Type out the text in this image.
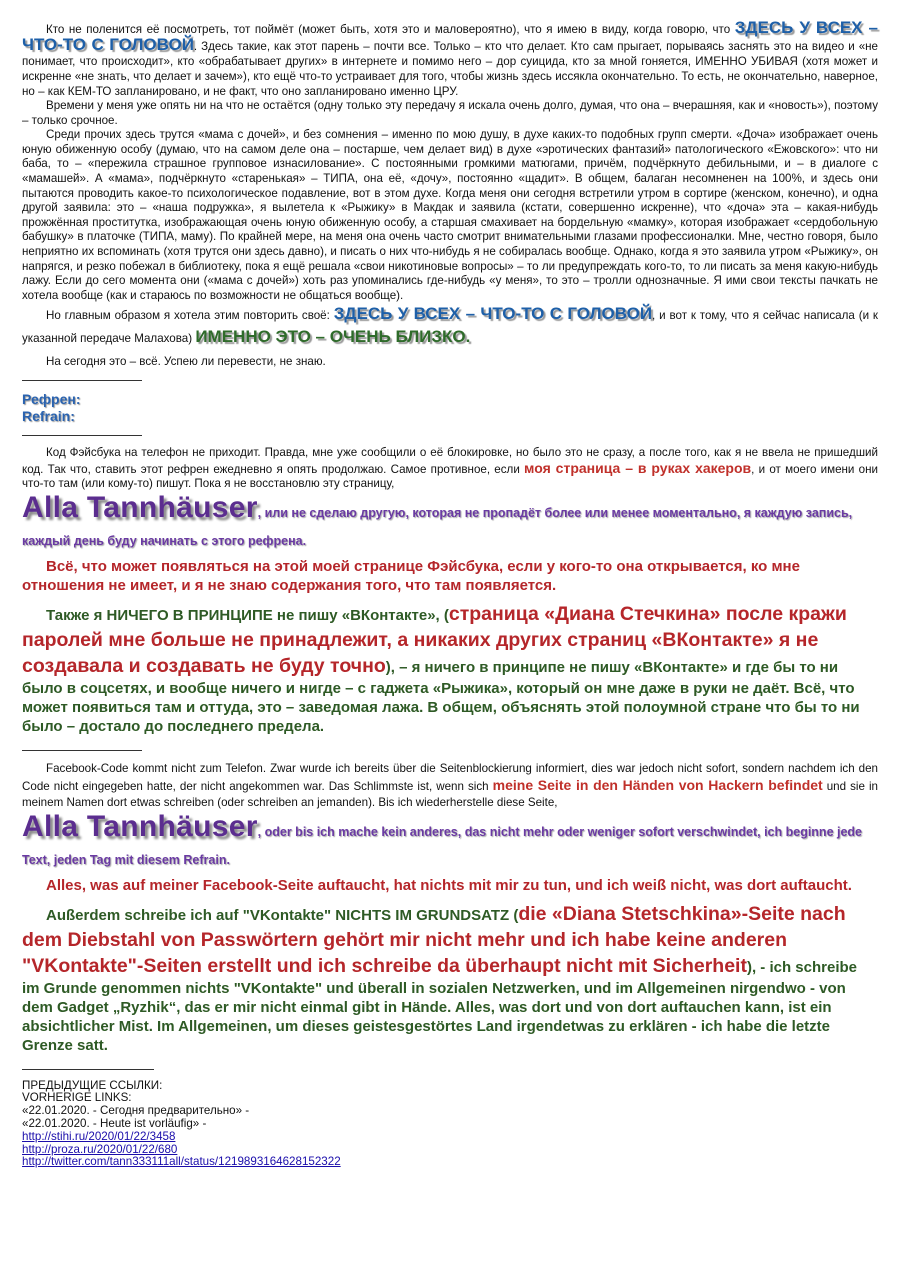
Кто не поленится её посмотреть, тот поймёт (может быть, хотя это и маловероятно), что я имею в виду, когда говорю, что ЗДЕСЬ У ВСЕХ – ЧТО-ТО С ГОЛОВОЙ. Здесь такие, как этот парень – почти все. Только – кто что делает. Кто сам прыгает, порываясь заснять это на видео и «не понимает, что происходит», кто «обрабатывает других» в интернете и помимо него – дор суицида, кто за мной гоняется, ИМЕННО УБИВАЯ (хотя может и искренне «не знать, что делает и зачем»), кто ещё что-то устраивает для того, чтобы жизнь здесь иссякла окончательно. То есть, не окончательно, наверное, но – как КЕМ-ТО запланировано, и не факт, что оно запланировано именно ЦРУ.

Времени у меня уже опять ни на что не остаётся (одну только эту передачу я искала очень долго, думая, что она – вчерашняя, как и «новость»), поэтому – только срочное.

Среди прочих здесь трутся «мама с дочей», и без сомнения – именно по мою душу, в духе каких-то подобных групп смерти. «Доча» изображает очень юную обиженную особу (думаю, что на самом деле она – постарше, чем делает вид) в духе «эротических фантазий» патологического «Ежовского»: что ни баба, то – «пережила страшное групповое изнасилование». С постоянными громкими матюгами, причём, подчёркнуто дебильными, и – в диалоге с «мамашей». А «мама», подчёркнуто «старенькая» – ТИПА, она её, «дочу», постоянно «щадит». В общем, балаган несомненен на 100%, и здесь они пытаются проводить какое-то психологическое подавление, вот в этом духе. Когда меня они сегодня встретили утром в сортире (женском, конечно), и одна другой заявила: это – «наша подружка», я вылетела к «Рыжику» в Макдак и заявила (кстати, совершенно искренне), что «доча» эта – какая-нибудь прожжённая проститутка, изображающая очень юную обиженную особу, а старшая смахивает на бордельную «мамку», которая изображает «сердобольную бабушку» в платочке (ТИПА, маму). По крайней мере, на меня она очень часто смотрит внимательными глазами профессионалки. Мне, честно говоря, было неприятно их вспоминать (хотя трутся они здесь давно), и писать о них что-нибудь я не собиралась вообще. Однако, когда я это заявила утром «Рыжику», он напрягся, и резко побежал в библиотеку, пока я ещё решала «свои никотиновые вопросы» – то ли предупреждать кого-то, то ли писать за меня какую-нибудь лажу. Если до сего момента они («мама с дочей») хоть раз упоминались где-нибудь «у меня», то это – тролли однозначные. Я ими свои тексты пачкать не хотела вообще (как и стараюсь по возможности не общаться вообще).

Но главным образом я хотела этим повторить своё: ЗДЕСЬ У ВСЕХ – ЧТО-ТО С ГОЛОВОЙ, и вот к тому, что я сейчас написала (и к указанной передаче Малахова) ИМЕННО ЭТО – ОЧЕНЬ БЛИЗКО.

На сегодня это – всё. Успею ли перевести, не знаю.

Рефрен:
Refrain:

Код Фэйсбука на телефон не приходит. Правда, мне уже сообщили о её блокировке, но было это не сразу, а после того, как я не ввела не пришедший код. Так что, ставить этот рефрен ежедневно я опять продолжаю. Самое противное, если моя страница – в руках хакеров, и от моего имени они что-то там (или кому-то) пишут. Пока я не восстановлю эту страницу,

Alla Tannhäuser, или не сделаю другую, которая не пропадёт более или менее моментально, я каждую запись, каждый день буду начинать с этого рефрена.

Всё, что может появляться на этой моей странице Фэйсбука, если у кого-то она открывается, ко мне отношения не имеет, и я не знаю содержания того, что там появляется.

Также я НИЧЕГО В ПРИНЦИПЕ не пишу «ВКонтакте», (страница «Диана Стечкина» после кражи паролей мне больше не принадлежит, а никаких других страниц «ВКонтакте» я не создавала и создавать не буду точно), – я ничего в принципе не пишу «ВКонтакте» и где бы то ни было в соцсетях, и вообще ничего и нигде – с гаджета «Рыжика», который он мне даже в руки не даёт. Всё, что может появиться там и оттуда, это – заведомая лажа. В общем, объяснять этой полоумной стране что бы то ни было – достало до последнего предела.

Facebook-Code kommt nicht zum Telefon. Zwar wurde ich bereits über die Seitenblockierung informiert, dies war jedoch nicht sofort, sondern nachdem ich den Code nicht eingegeben hatte, der nicht angekommen war. Das Schlimmste ist, wenn sich meine Seite in den Händen von Hackern befindet und sie in meinem Namen dort etwas schreiben (oder schreiben an jemanden). Bis ich wiederherstelle diese Seite,

Alla Tannhäuser, oder bis ich mache kein anderes, das nicht mehr oder weniger sofort verschwindet, ich beginne jede Text, jeden Tag mit diesem Refrain.

Alles, was auf meiner Facebook-Seite auftaucht, hat nichts mit mir zu tun, und ich weiß nicht, was dort auftaucht.

Außerdem schreibe ich auf "VKontakte" NICHTS IM GRUNDSATZ (die «Diana Stetschkina»-Seite nach dem Diebstahl von Passwörtern gehört mir nicht mehr und ich habe keine anderen "VKontakte"-Seiten erstellt und ich schreibe da überhaupt nicht mit Sicherheit), - ich schreibe im Grunde genommen nichts "VKontakte" und überall in sozialen Netzwerken, und im Allgemeinen nirgendwo - von dem Gadget „Ryzhik“, das er mir nicht einmal gibt in Hände. Alles, was dort und von dort auftauchen kann, ist ein absichtlicher Mist. Im Allgemeinen, um dieses geistesgestörtes Land irgendetwas zu erklären - ich habe die letzte Grenze satt.

ПРЕДЫДУЩИЕ ССЫЛКИ:
VORHERIGE LINKS:
«22.01.2020. - Сегодня предварительно» -
«22.01.2020. - Heute ist vorläufig» -
http://stihi.ru/2020/01/22/3458
http://proza.ru/2020/01/22/680
http://twitter.com/tann333111all/status/1219893164628152322
